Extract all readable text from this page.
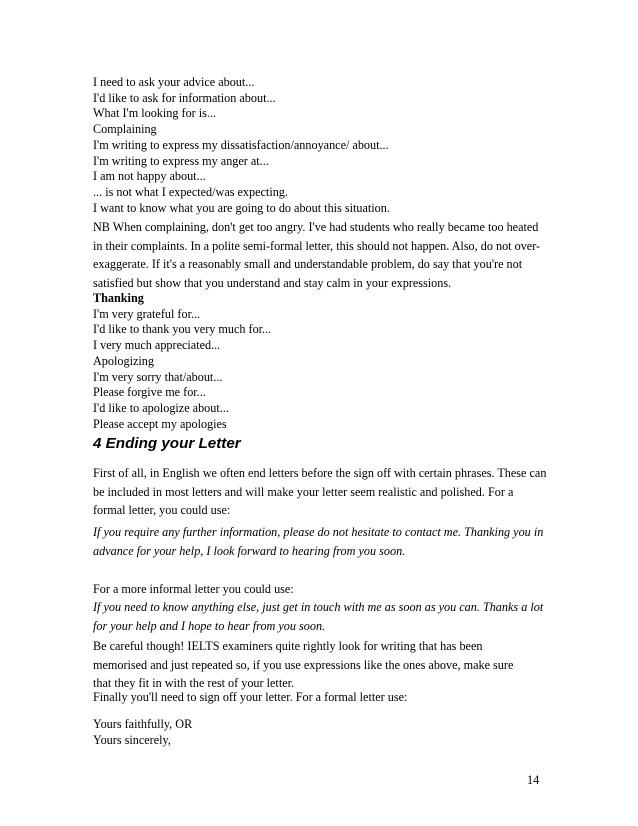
I need to ask your advice about...
I'd like to ask for information about...
What I'm looking for is...
Complaining
I'm writing to express my dissatisfaction/annoyance/ about...
I'm writing to express my anger at...
I am not happy about...
... is not what I expected/was expecting.
I want to know what you are going to do about this situation.

NB When complaining, don't get too angry. I've had students who really became too heated in their complaints. In a polite semi-formal letter, this should not happen. Also, do not over-exaggerate. If it's a reasonably small and understandable problem, do say that you're not satisfied but show that you understand and stay calm in your expressions.

Thanking
I'm very grateful for...
I'd like to thank you very much for...
I very much appreciated...
Apologizing
I'm very sorry that/about...
Please forgive me for...
I'd like to apologize about...
Please accept my apologies
4 Ending your Letter

First of all, in English we often end letters before the sign off with certain phrases. These can be included in most letters and will make your letter seem realistic and polished. For a formal letter, you could use:

If you require any further information, please do not hesitate to contact me. Thanking you in advance for your help, I look forward to hearing from you soon.

For a more informal letter you could use:

If you need to know anything else, just get in touch with me as soon as you can. Thanks a lot for your help and I hope to hear from you soon.

Be careful though! IELTS examiners quite rightly look for writing that has been memorised and just repeated so, if you use expressions like the ones above, make sure that they fit in with the rest of your letter.

Finally you'll need to sign off your letter. For a formal letter use:

Yours faithfully, OR
Yours sincerely,
14
